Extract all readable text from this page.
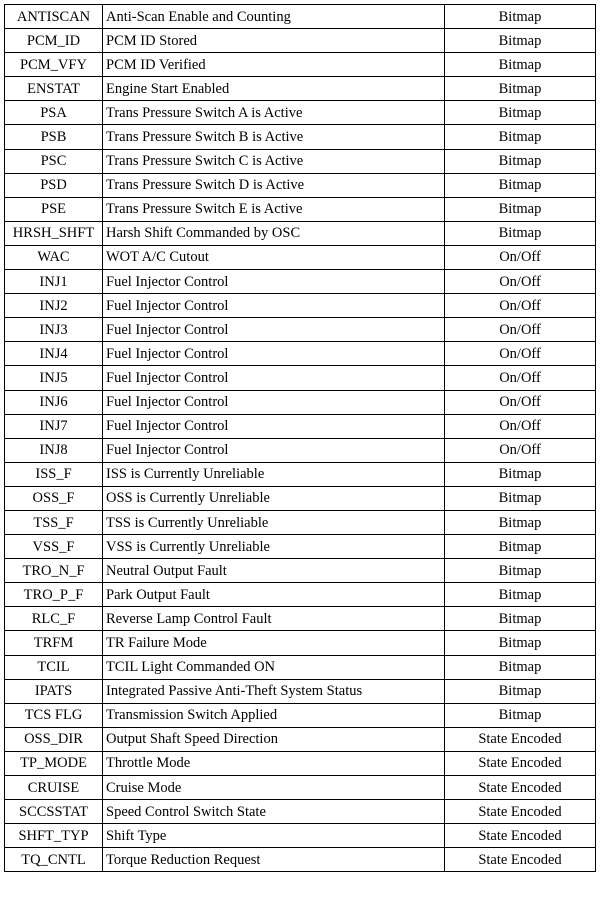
ANTISCAN	Anti-Scan Enable and Counting	Bitmap
PCM_ID	PCM ID Stored	Bitmap
PCM_VFY	PCM ID Verified	Bitmap
ENSTAT	Engine Start Enabled	Bitmap
PSA	Trans Pressure Switch A is Active	Bitmap
PSB	Trans Pressure Switch B is Active	Bitmap
PSC	Trans Pressure Switch C is Active	Bitmap
PSD	Trans Pressure Switch D is Active	Bitmap
PSE	Trans Pressure Switch E is Active	Bitmap
HRSH_SHFT	Harsh Shift Commanded by OSC	Bitmap
WAC	WOT A/C Cutout	On/Off
INJ1	Fuel Injector Control	On/Off
INJ2	Fuel Injector Control	On/Off
INJ3	Fuel Injector Control	On/Off
INJ4	Fuel Injector Control	On/Off
INJ5	Fuel Injector Control	On/Off
INJ6	Fuel Injector Control	On/Off
INJ7	Fuel Injector Control	On/Off
INJ8	Fuel Injector Control	On/Off
ISS_F	ISS is Currently Unreliable	Bitmap
OSS_F	OSS is Currently Unreliable	Bitmap
TSS_F	TSS is Currently Unreliable	Bitmap
VSS_F	VSS is Currently Unreliable	Bitmap
TRO_N_F	Neutral Output Fault	Bitmap
TRO_P_F	Park Output Fault	Bitmap
RLC_F	Reverse Lamp Control Fault	Bitmap
TRFM	TR Failure Mode	Bitmap
TCIL	TCIL Light Commanded ON	Bitmap
IPATS	Integrated Passive Anti-Theft System Status	Bitmap
TCS FLG	Transmission Switch Applied	Bitmap
OSS_DIR	Output Shaft Speed Direction	State Encoded
TP_MODE	Throttle Mode	State Encoded
CRUISE	Cruise Mode	State Encoded
SCCSSTAT	Speed Control Switch State	State Encoded
SHFT_TYP	Shift Type	State Encoded
TQ_CNTL	Torque Reduction Request	State Encoded
